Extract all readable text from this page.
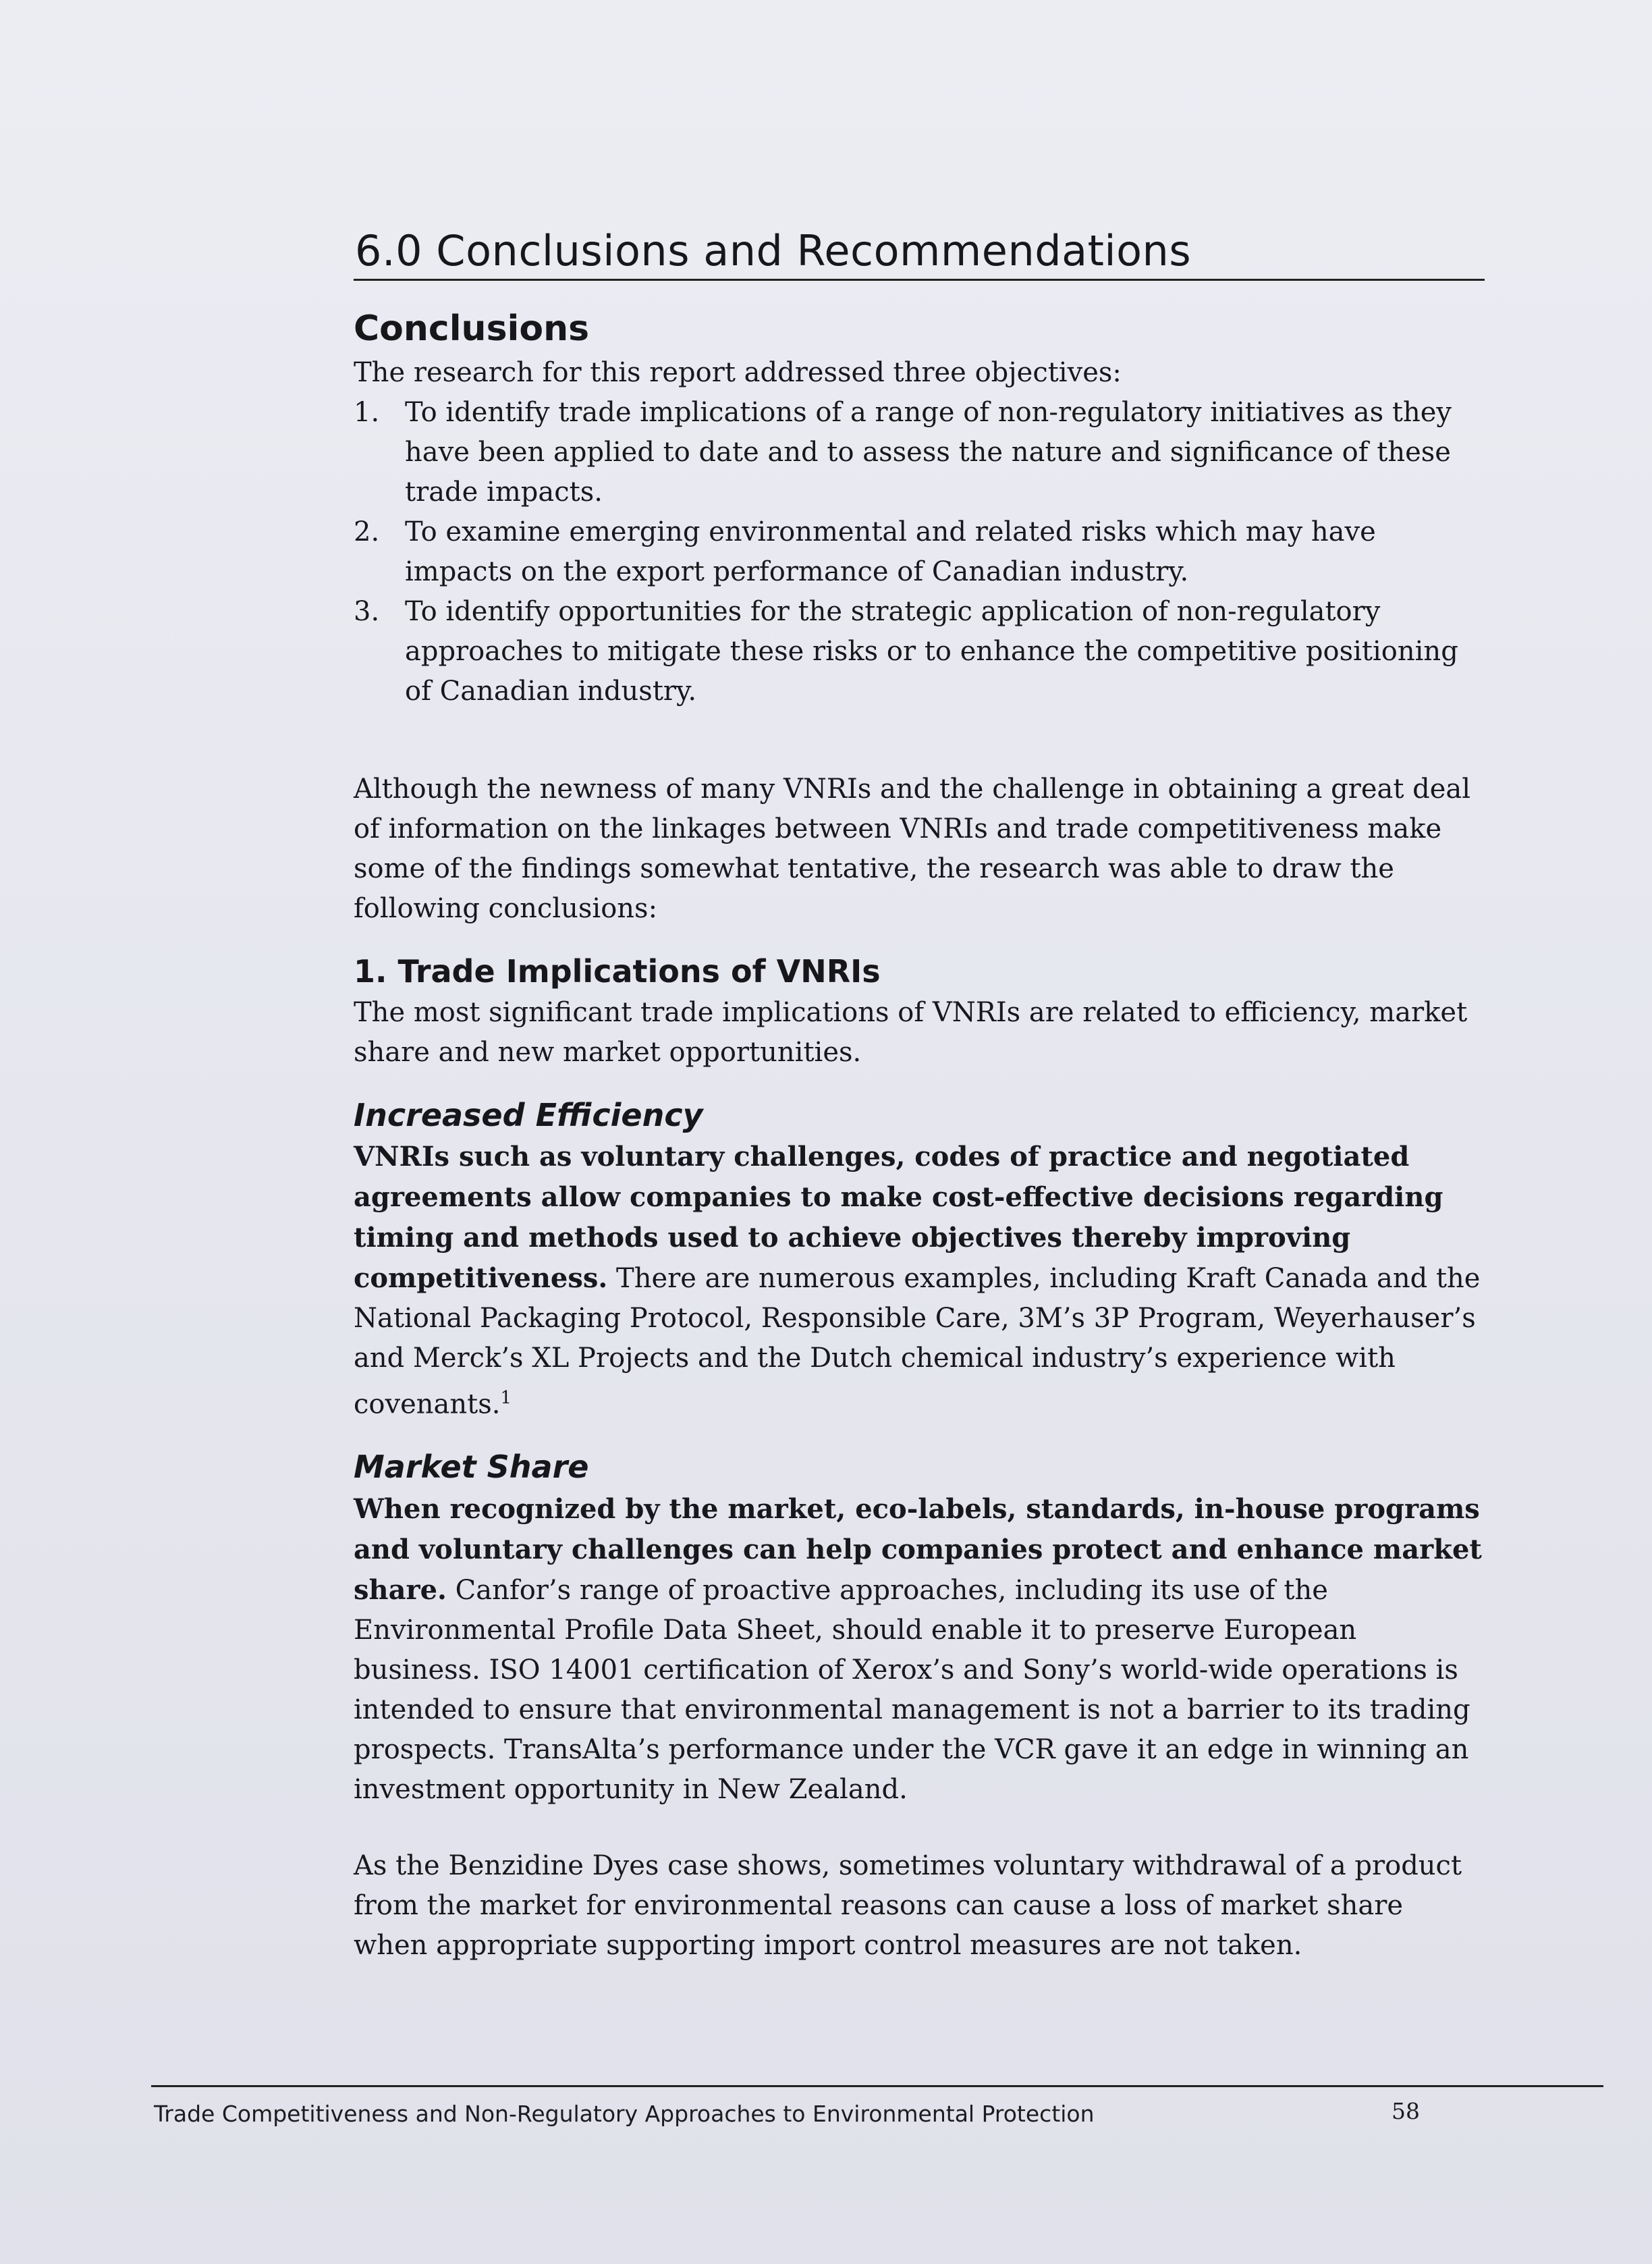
6.0 Conclusions and Recommendations
Conclusions

The research for this report addressed three objectives:

1. To identify trade implications of a range of non-regulatory initiatives as they have been applied to date and to assess the nature and significance of these trade impacts.
2. To examine emerging environmental and related risks which may have impacts on the export performance of Canadian industry.
3. To identify opportunities for the strategic application of non-regulatory approaches to mitigate these risks or to enhance the competitive positioning of Canadian industry.

Although the newness of many VNRIs and the challenge in obtaining a great deal of information on the linkages between VNRIs and trade competitiveness make some of the findings somewhat tentative, the research was able to draw the following conclusions:

1. Trade Implications of VNRIs

The most significant trade implications of VNRIs are related to efficiency, market share and new market opportunities.

Increased Efficiency

VNRIs such as voluntary challenges, codes of practice and negotiated agreements allow companies to make cost-effective decisions regarding timing and methods used to achieve objectives thereby improving competitiveness. There are numerous examples, including Kraft Canada and the National Packaging Protocol, Responsible Care, 3M’s 3P Program, Weyerhauser’s and Merck’s XL Projects and the Dutch chemical industry’s experience with covenants.$^1$

Market Share

When recognized by the market, eco-labels, standards, in-house programs and voluntary challenges can help companies protect and enhance market share. Canfor’s range of proactive approaches, including its use of the Environmental Profile Data Sheet, should enable it to preserve European business. ISO 14001 certification of Xerox’s and Sony’s world-wide operations is intended to ensure that environmental management is not a barrier to its trading prospects. TransAlta’s performance under the VCR gave it an edge in winning an investment opportunity in New Zealand.

As the Benzidine Dyes case shows, sometimes voluntary withdrawal of a product from the market for environmental reasons can cause a loss of market share when appropriate supporting import control measures are not taken.

Trade Competitiveness and Non-Regulatory Approaches to Environmental Protection	58
